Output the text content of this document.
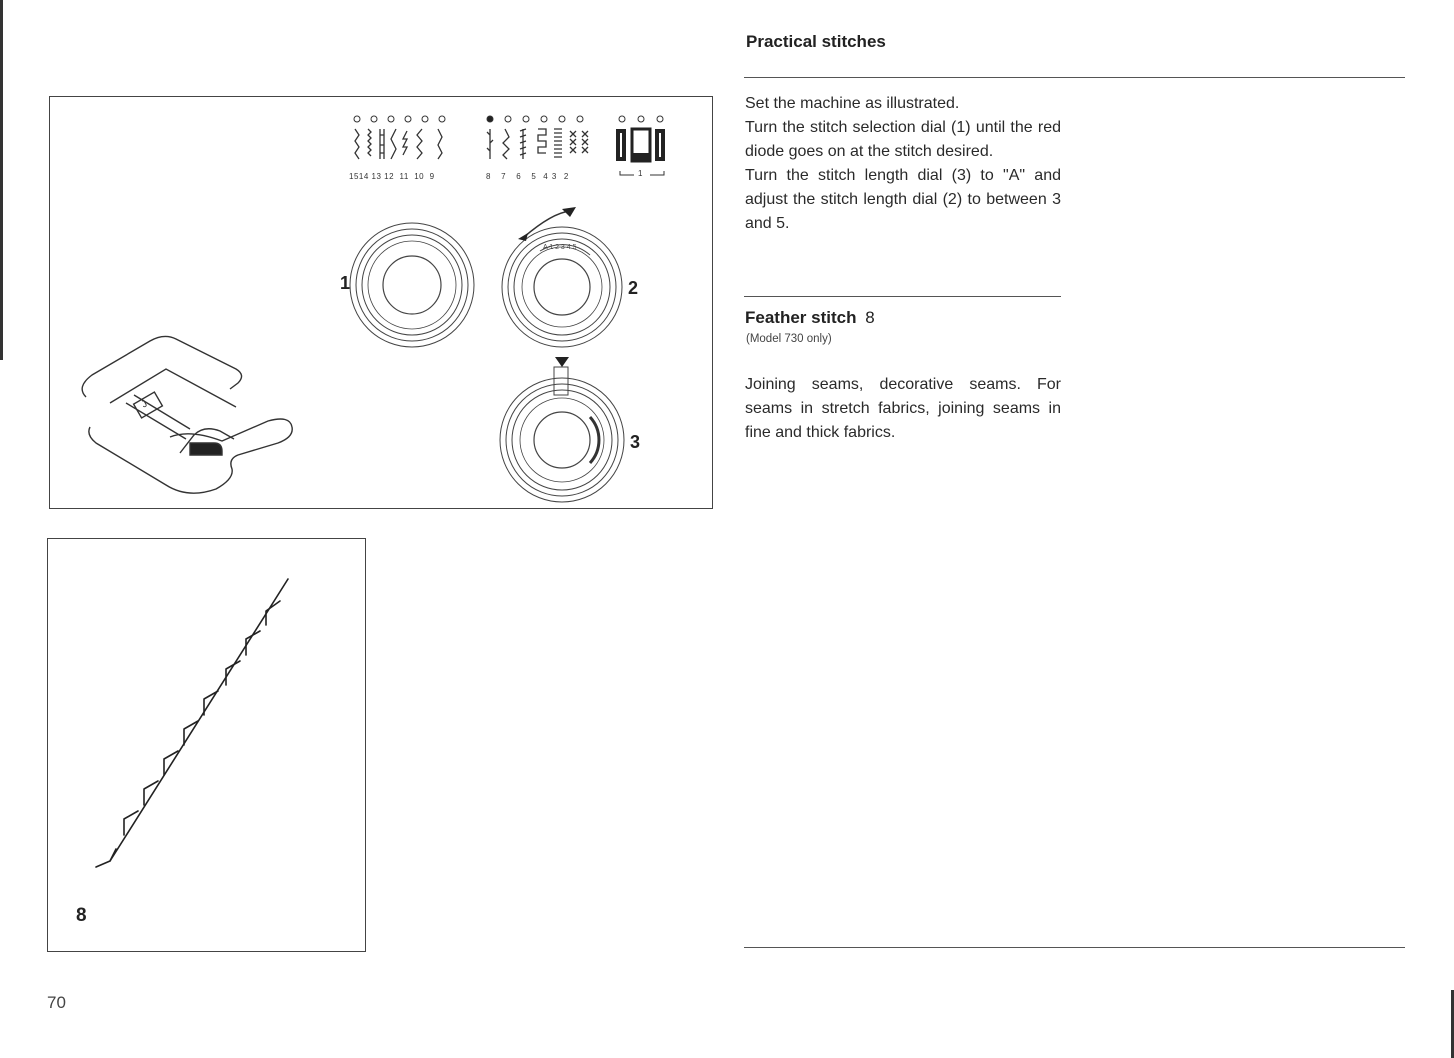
A 1 2 3 4 5
1	2
3
1514 13 12  11  10  9	8   7   6   5  4 3  2	1
J
8
70
Practical stitches
Set the machine as illustrated.
Turn the stitch selection dial (1) until the red diode goes on at the stitch desired.
Turn the stitch length dial (3) to "A" and adjust the stitch length dial (2) to between 3 and 5.
Feather stitch 8
(Model 730 only)
Joining seams, decorative seams. For seams in stretch fabrics, joining seams in fine and thick fabrics.
